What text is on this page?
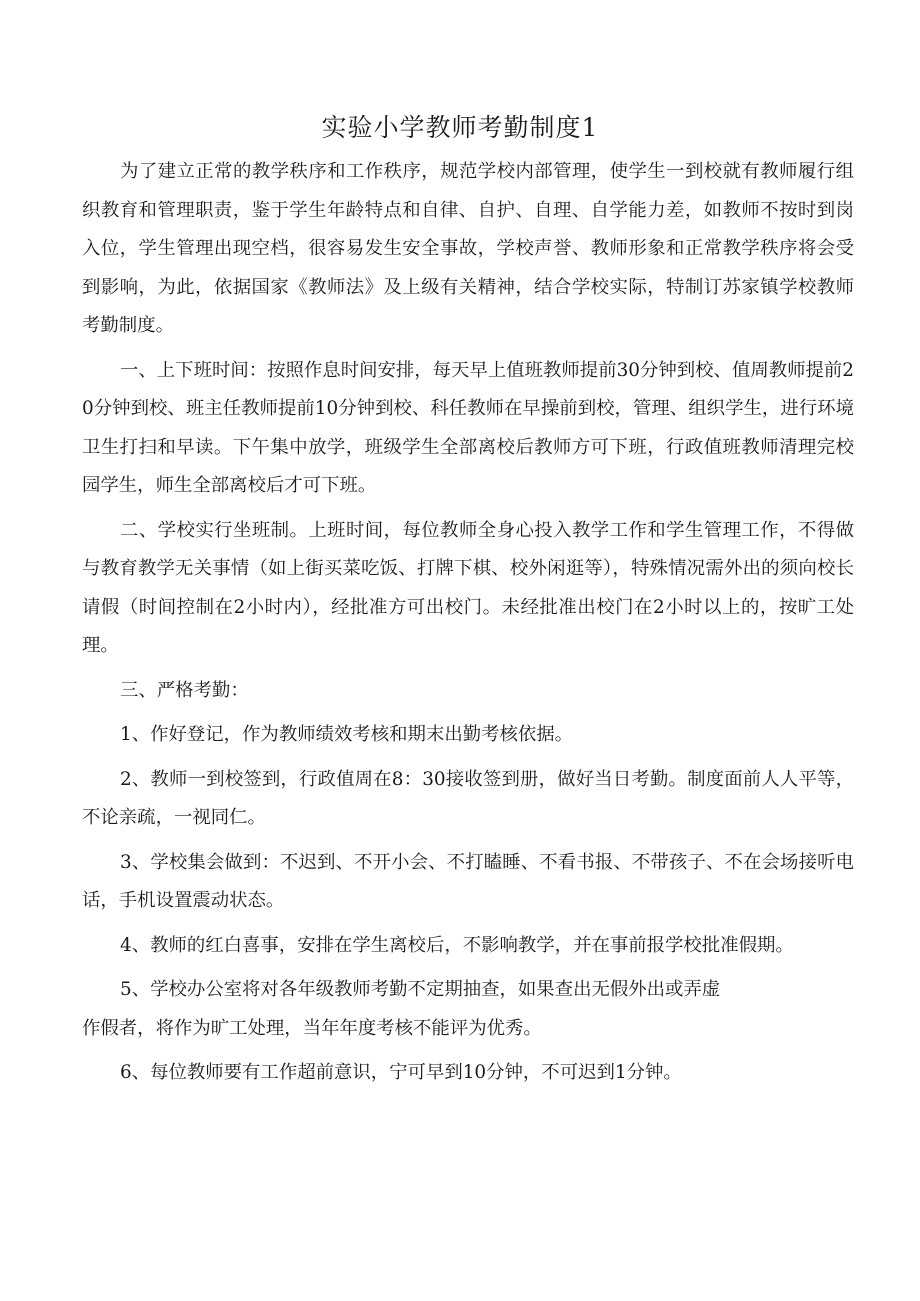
实验小学教师考勤制度1

为了建立正常的教学秩序和工作秩序，规范学校内部管理，使学生一到校就有教师履行组织教育和管理职责，鉴于学生年龄特点和自律、自护、自理、自学能力差，如教师不按时到岗入位，学生管理出现空档，很容易发生安全事故，学校声誉、教师形象和正常教学秩序将会受到影响，为此，依据国家《教师法》及上级有关精神，结合学校实际，特制订苏家镇学校教师考勤制度。

一、上下班时间：按照作息时间安排，每天早上值班教师提前30分钟到校、值周教师提前20分钟到校、班主任教师提前10分钟到校、科任教师在早操前到校，管理、组织学生，进行环境卫生打扫和早读。下午集中放学，班级学生全部离校后教师方可下班，行政值班教师清理完校园学生，师生全部离校后才可下班。

二、学校实行坐班制。上班时间，每位教师全身心投入教学工作和学生管理工作，不得做与教育教学无关事情（如上街买菜吃饭、打牌下棋、校外闲逛等），特殊情况需外出的须向校长请假（时间控制在2小时内），经批准方可出校门。未经批准出校门在2小时以上的，按旷工处理。

三、严格考勤：

1、作好登记，作为教师绩效考核和期末出勤考核依据。

2、教师一到校签到，行政值周在8：30接收签到册，做好当日考勤。制度面前人人平等，不论亲疏，一视同仁。

3、学校集会做到：不迟到、不开小会、不打瞌睡、不看书报、不带孩子、不在会场接听电话，手机设置震动状态。

4、教师的红白喜事，安排在学生离校后，不影响教学，并在事前报学校批准假期。

5、学校办公室将对各年级教师考勤不定期抽查，如果查出无假外出或弄虚
作假者，将作为旷工处理，当年年度考核不能评为优秀。

6、每位教师要有工作超前意识，宁可早到10分钟，不可迟到1分钟。
